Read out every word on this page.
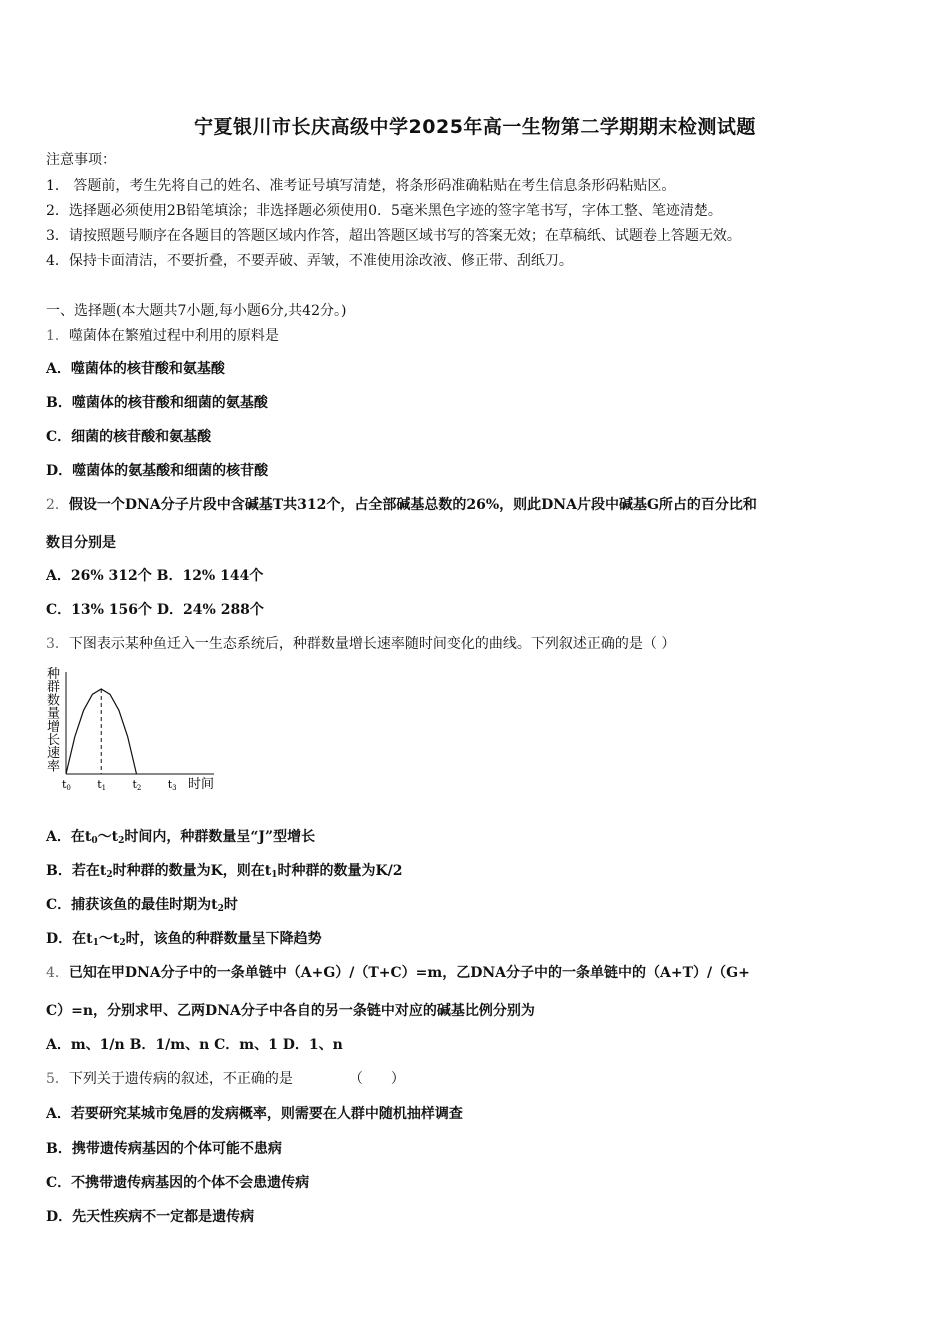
宁夏银川市长庆高级中学2025年高一生物第二学期期末检测试题
注意事项：
1． 答题前，考生先将自己的姓名、准考证号填写清楚，将条形码准确粘贴在考生信息条形码粘贴区。
2．选择题必须使用2B铅笔填涂；非选择题必须使用0．5毫米黑色字迹的签字笔书写，字体工整、笔迹清楚。
3．请按照题号顺序在各题目的答题区域内作答，超出答题区域书写的答案无效；在草稿纸、试题卷上答题无效。
4．保持卡面清洁，不要折叠，不要弄破、弄皱，不准使用涂改液、修正带、刮纸刀。
一、选择题(本大题共7小题,每小题6分,共42分。)
1．噬菌体在繁殖过程中利用的原料是
A．噬菌体的核苷酸和氨基酸
B．噬菌体的核苷酸和细菌的氨基酸
C．细菌的核苷酸和氨基酸
D．噬菌体的氨基酸和细菌的核苷酸
2．假设一个DNA分子片段中含碱基T共312个，占全部碱基总数的26%，则此DNA片段中碱基G所占的百分比和
数目分别是
A．26% 312个 B．12% 144个
C．13% 156个 D．24% 288个
3．下图表示某种鱼迁入一生态系统后，种群数量增长速率随时间变化的曲线。下列叙述正确的是（ ）
种
群
数
量
增
长
速
率
时间
t0 t1 t2 t3
A．在$t_0\sim t_2$时间内，种群数量呈“J”型增长
B．若在$t_2$时种群的数量为K，则在$t_1$时种群的数量为K/2
C．捕获该鱼的最佳时期为$t_2$时
D．在$t_1\sim t_2$时，该鱼的种群数量呈下降趋势
4．已知在甲DNA分子中的一条单链中（A+G）/（T+C）=m，乙DNA分子中的一条单链中的（A+T）/（G+
C）=n，分别求甲、乙两DNA分子中各自的另一条链中对应的碱基比例分别为
A．m、1/n B．1/m、n C．m、1 D．1、n
5．下列关于遗传病的叙述，不正确的是	（　　）
A．若要研究某城市兔唇的发病概率，则需要在人群中随机抽样调查
B．携带遗传病基因的个体可能不患病
C．不携带遗传病基因的个体不会患遗传病
D．先天性疾病不一定都是遗传病
